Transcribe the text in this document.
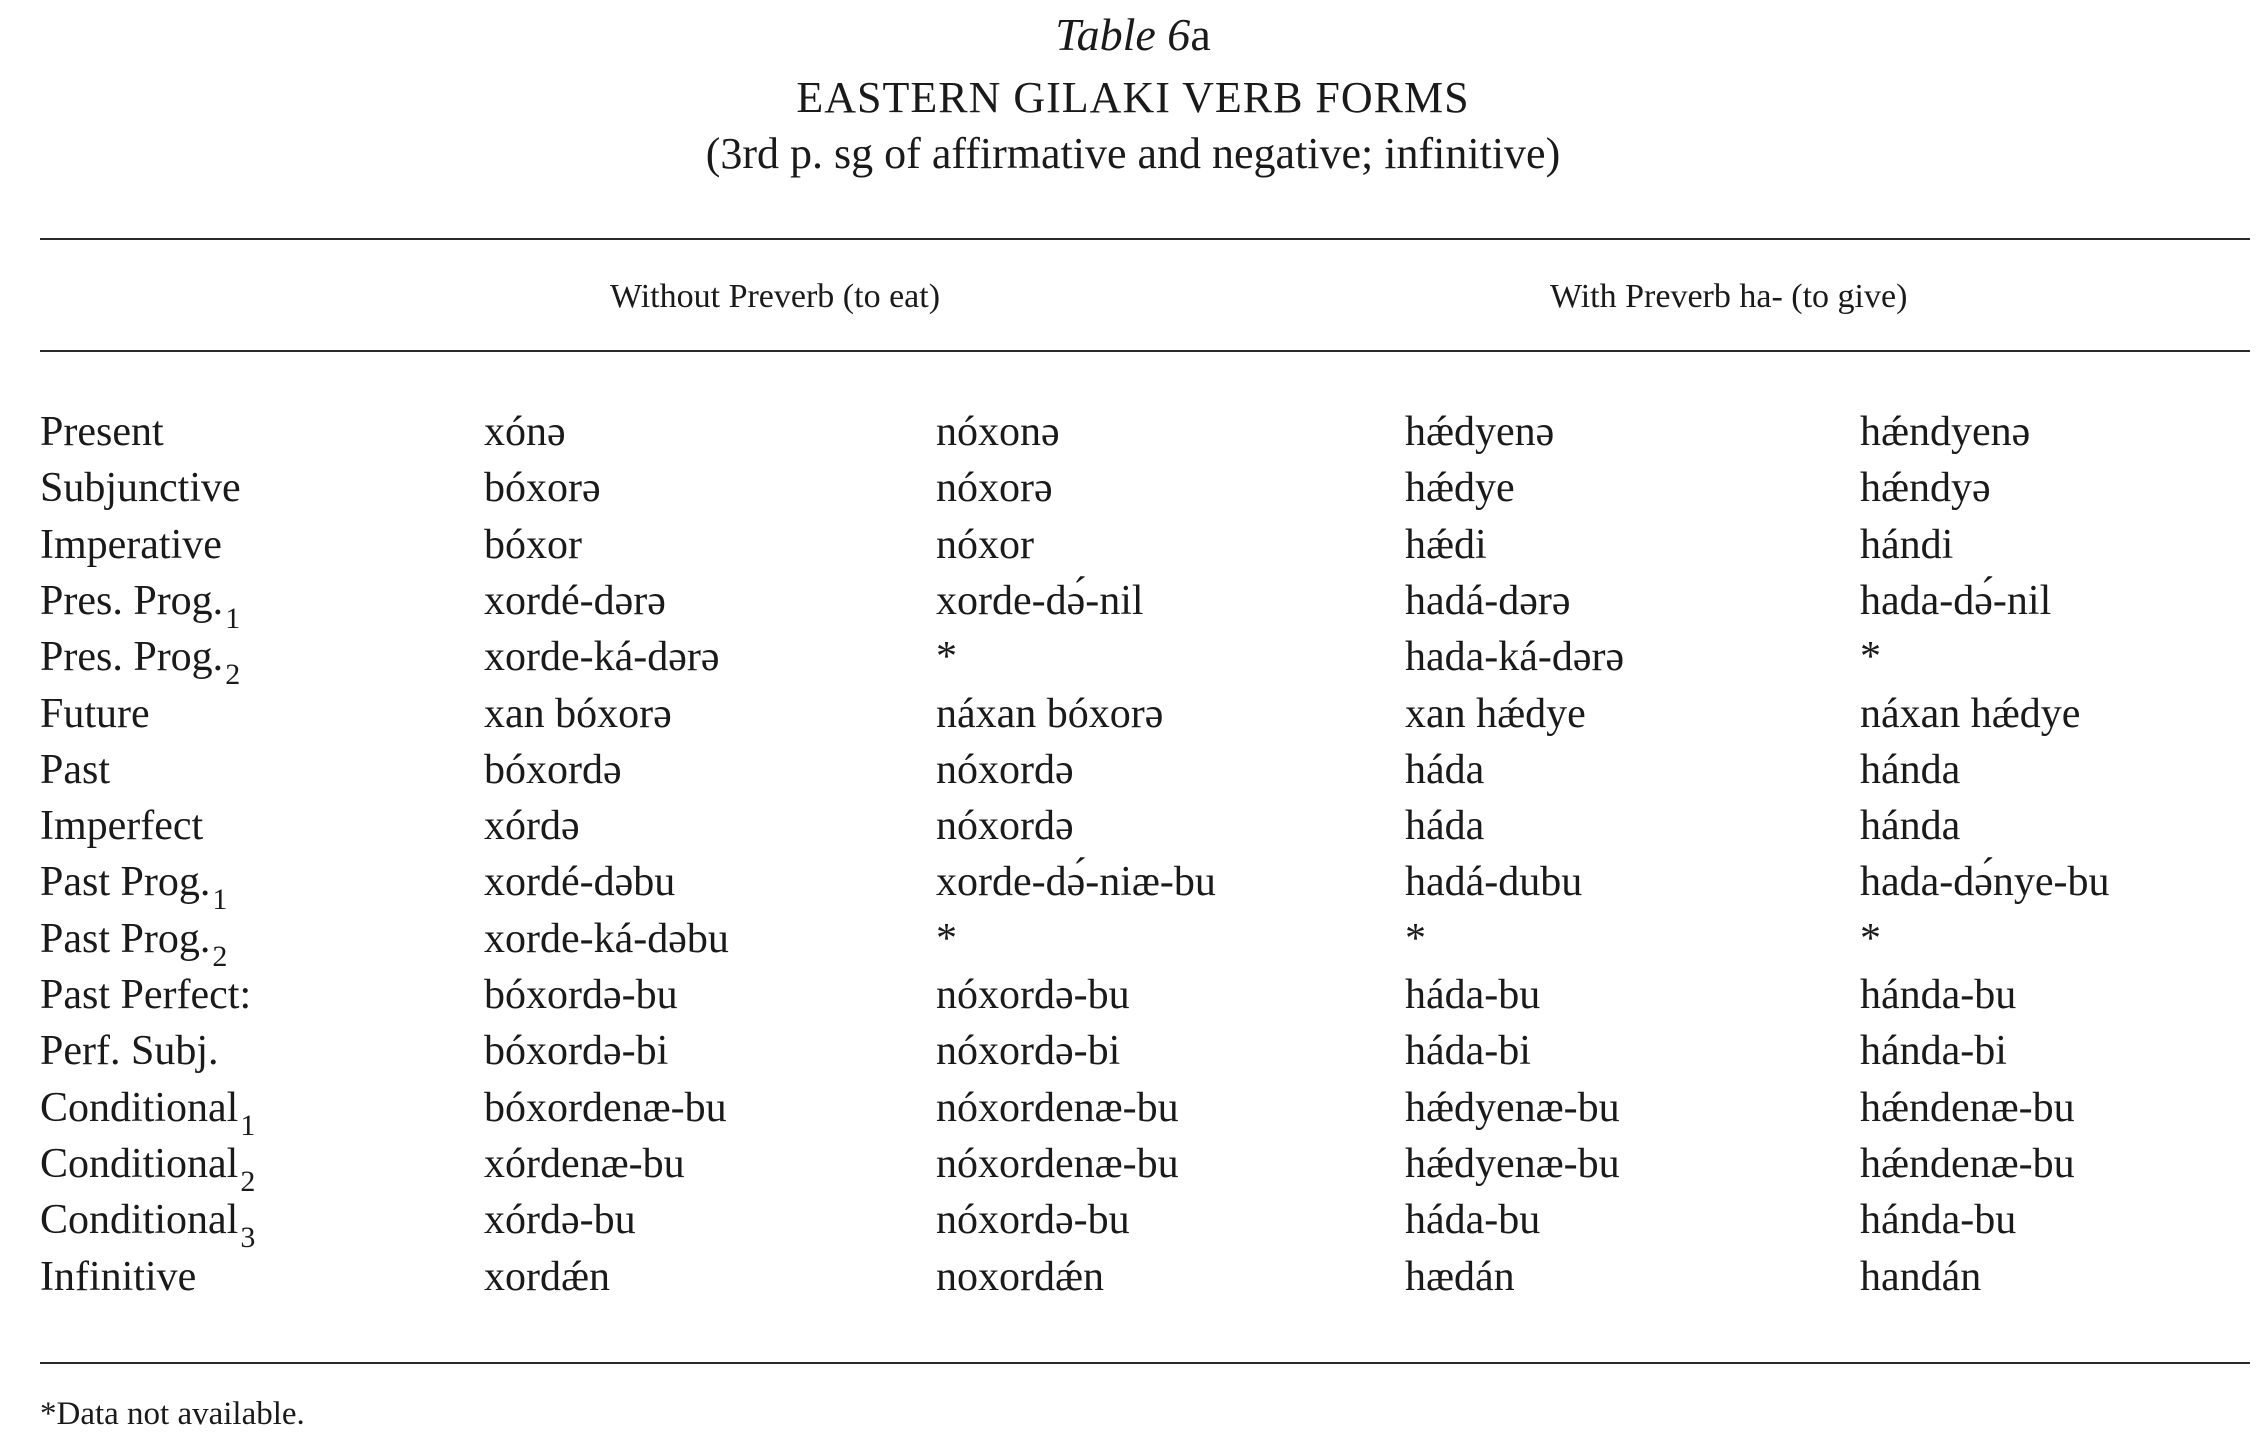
Table 6a
EASTERN GILAKI VERB FORMS
(3rd p. sg of affirmative and negative; infinitive)
Without Preverb (to eat)	With Preverb ha- (to give)
Present	xónə	nóxonə	hǽdyenə	hǽndyenə
Subjunctive	bóxorə	nóxorə	hǽdye	hǽndyə
Imperative	bóxor	nóxor	hǽdi	hándi
Pres. $Prog._1$	xordé-dərə	xorde-də́-nil	hadá-dərə	hada-də́-nil
Pres. $Prog._2$	xorde-ká-dərə	*	hada-ká-dərə	*
Future	xan bóxorə	náxan bóxorə	xan hǽdye	náxan hǽdye
Past	bóxordə	nóxordə	háda	hánda
Imperfect	xórdə	nóxordə	háda	hánda
Past $Prog._1$	xordé-dəbu	xorde-də́-niæ-bu	hadá-dubu	hada-də́nye-bu
Past $Prog._2$	xorde-ká-dəbu	*	*	*
Past Perfect:	bóxordə-bu	nóxordə-bu	háda-bu	hánda-bu
Perf. Subj.	bóxordə-bi	nóxordə-bi	háda-bi	hánda-bi
Conditional$_1$	bóxordenæ-bu	nóxordenæ-bu	hǽdyenæ-bu	hǽndenæ-bu
Conditional$_2$	xórdenæ-bu	nóxordenæ-bu	hǽdyenæ-bu	hǽndenæ-bu
Conditional$_3$	xórdə-bu	nóxordə-bu	háda-bu	hánda-bu
Infinitive	xordǽn	noxordǽn	hædán	handán
*Data not available.
